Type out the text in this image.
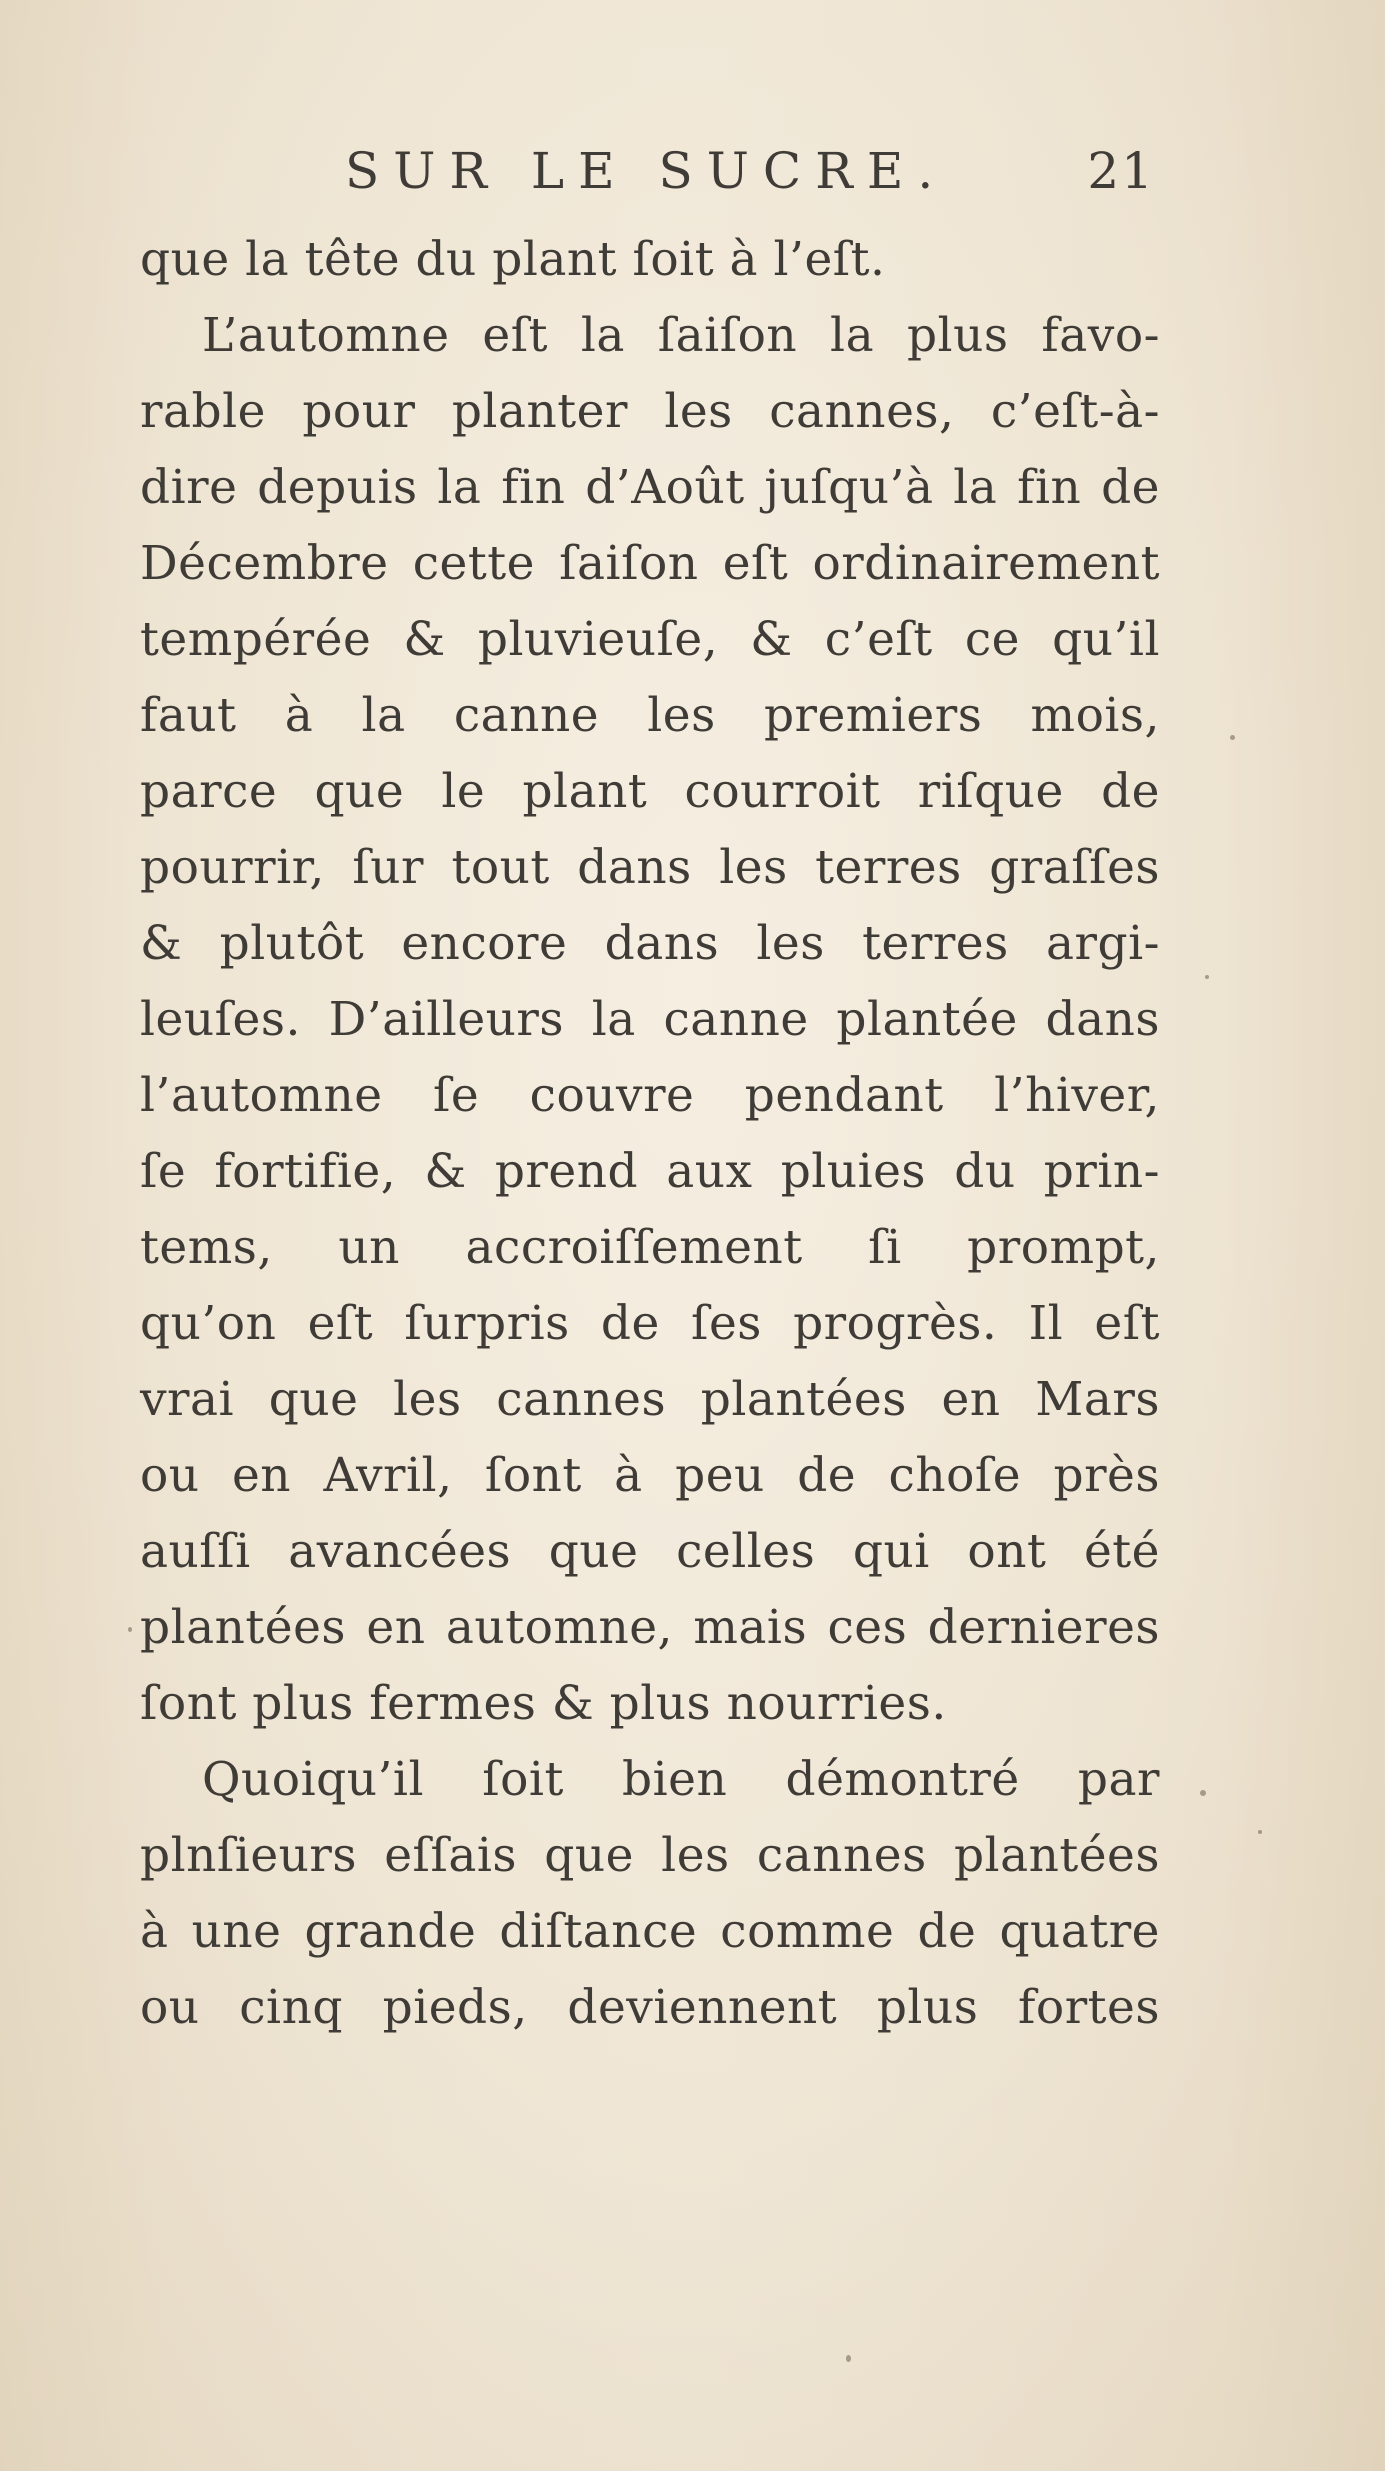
SUR LE SUCRE.	21
que la tête du plant ſoit à l’eſt.
L’automne eſt la ſaiſon la plus favo-
rable pour planter les cannes, c’eſt-à-
dire depuis la fin d’Août juſqu’à la fin de
Décembre cette ſaiſon eſt ordinairement
tempérée & pluvieuſe, & c’eſt ce qu’il
faut à la canne les premiers mois,
parce que le plant courroit riſque de
pourrir, ſur tout dans les terres graſſes
& plutôt encore dans les terres argi-
leuſes. D’ailleurs la canne plantée dans
l’automne ſe couvre pendant l’hiver,
ſe fortifie, & prend aux pluies du prin-
tems, un accroiſſement ſi prompt,
qu’on eſt ſurpris de ſes progrès. Il eſt
vrai que les cannes plantées en Mars
ou en Avril, ſont à peu de choſe près
auſſi avancées que celles qui ont été
plantées en automne, mais ces dernieres
ſont plus fermes & plus nourries.
Quoiqu’il ſoit bien démontré par
plnſieurs eſſais que les cannes plantées
à une grande diſtance comme de quatre
ou cinq pieds, deviennent plus fortes
